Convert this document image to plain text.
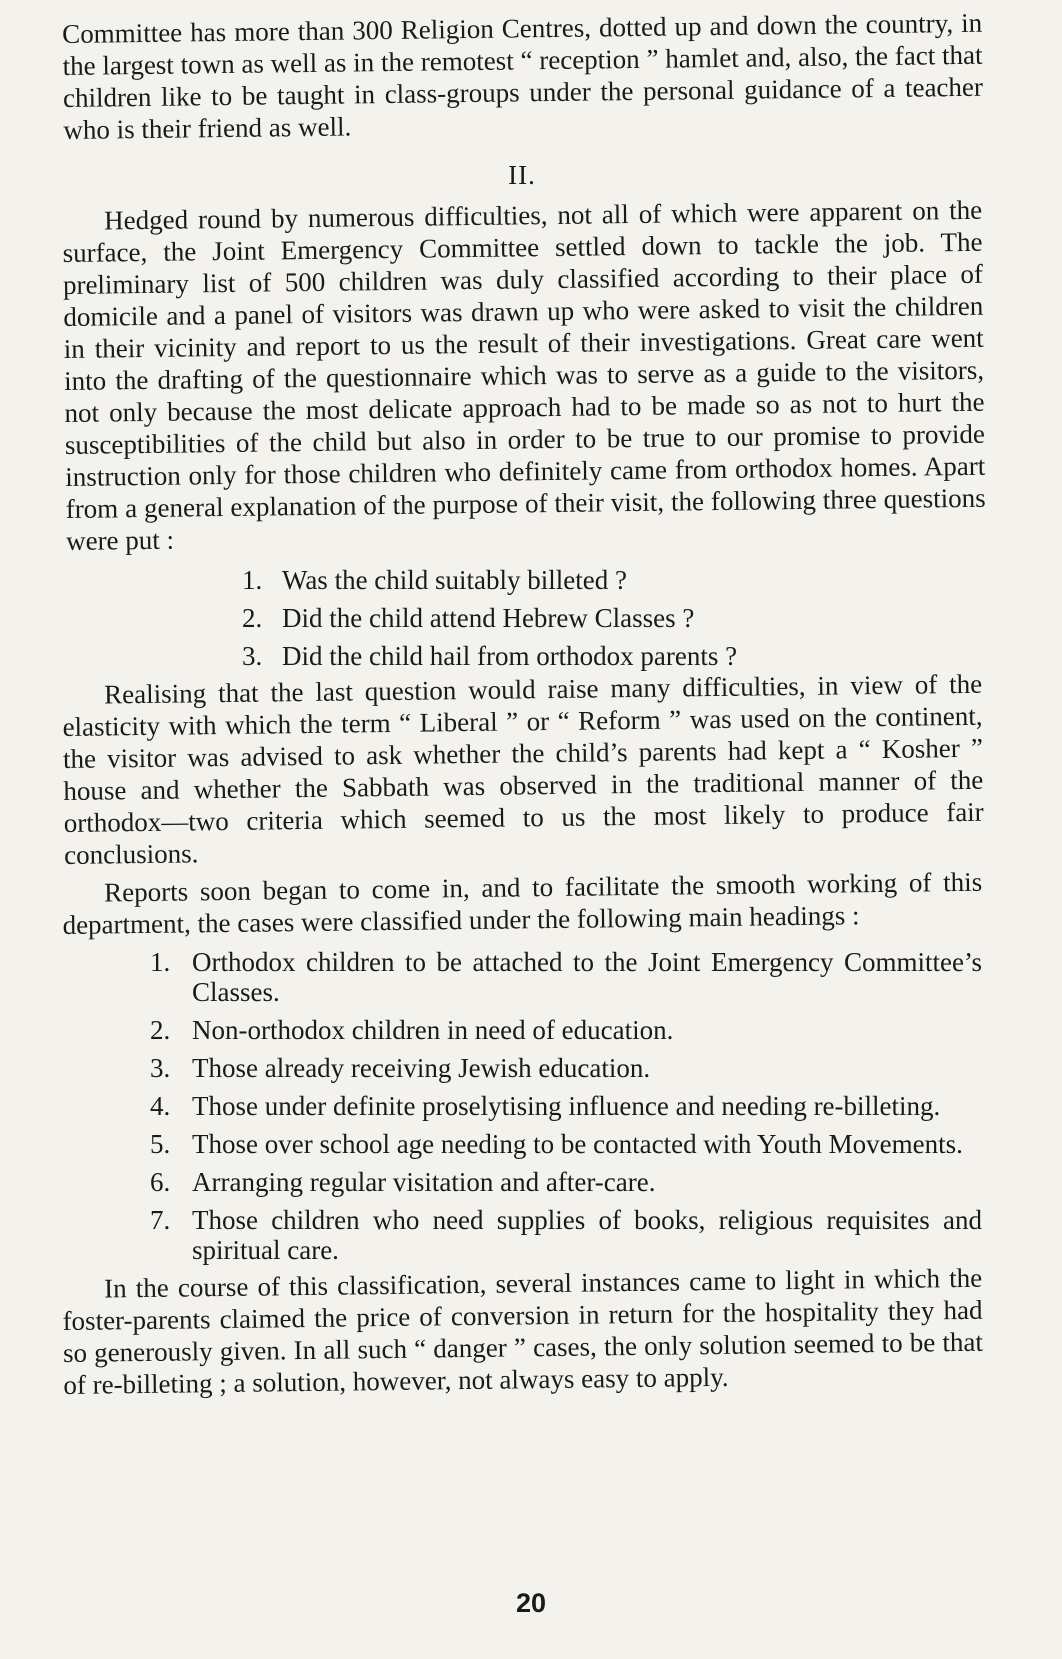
Committee has more than 300 Religion Centres, dotted up and down the country, in the largest town as well as in the remotest “ reception ” hamlet and, also, the fact that children like to be taught in class-groups under the personal guidance of a teacher who is their friend as well.

II.

Hedged round by numerous difficulties, not all of which were apparent on the surface, the Joint Emergency Committee settled down to tackle the job. The preliminary list of 500 children was duly classified according to their place of domicile and a panel of visitors was drawn up who were asked to visit the children in their vicinity and report to us the result of their investigations. Great care went into the drafting of the questionnaire which was to serve as a guide to the visitors, not only because the most delicate approach had to be made so as not to hurt the susceptibilities of the child but also in order to be true to our promise to provide instruction only for those children who definitely came from orthodox homes. Apart from a general explanation of the purpose of their visit, the following three questions were put :

1. Was the child suitably billeted ?
2. Did the child attend Hebrew Classes ?
3. Did the child hail from orthodox parents ?

Realising that the last question would raise many difficulties, in view of the elasticity with which the term “ Liberal ” or “ Reform ” was used on the continent, the visitor was advised to ask whether the child’s parents had kept a “ Kosher ” house and whether the Sabbath was observed in the traditional manner of the orthodox—two criteria which seemed to us the most likely to produce fair conclusions.

Reports soon began to come in, and to facilitate the smooth working of this department, the cases were classified under the following main headings :

1. Orthodox children to be attached to the Joint Emergency Committee’s Classes.
2. Non-orthodox children in need of education.
3. Those already receiving Jewish education.
4. Those under definite proselytising influence and needing re-billeting.
5. Those over school age needing to be contacted with Youth Movements.
6. Arranging regular visitation and after-care.
7. Those children who need supplies of books, religious requisites and spiritual care.

In the course of this classification, several instances came to light in which the foster-parents claimed the price of conversion in return for the hospitality they had so generously given. In all such “ danger ” cases, the only solution seemed to be that of re-billeting ; a solution, however, not always easy to apply.

20
